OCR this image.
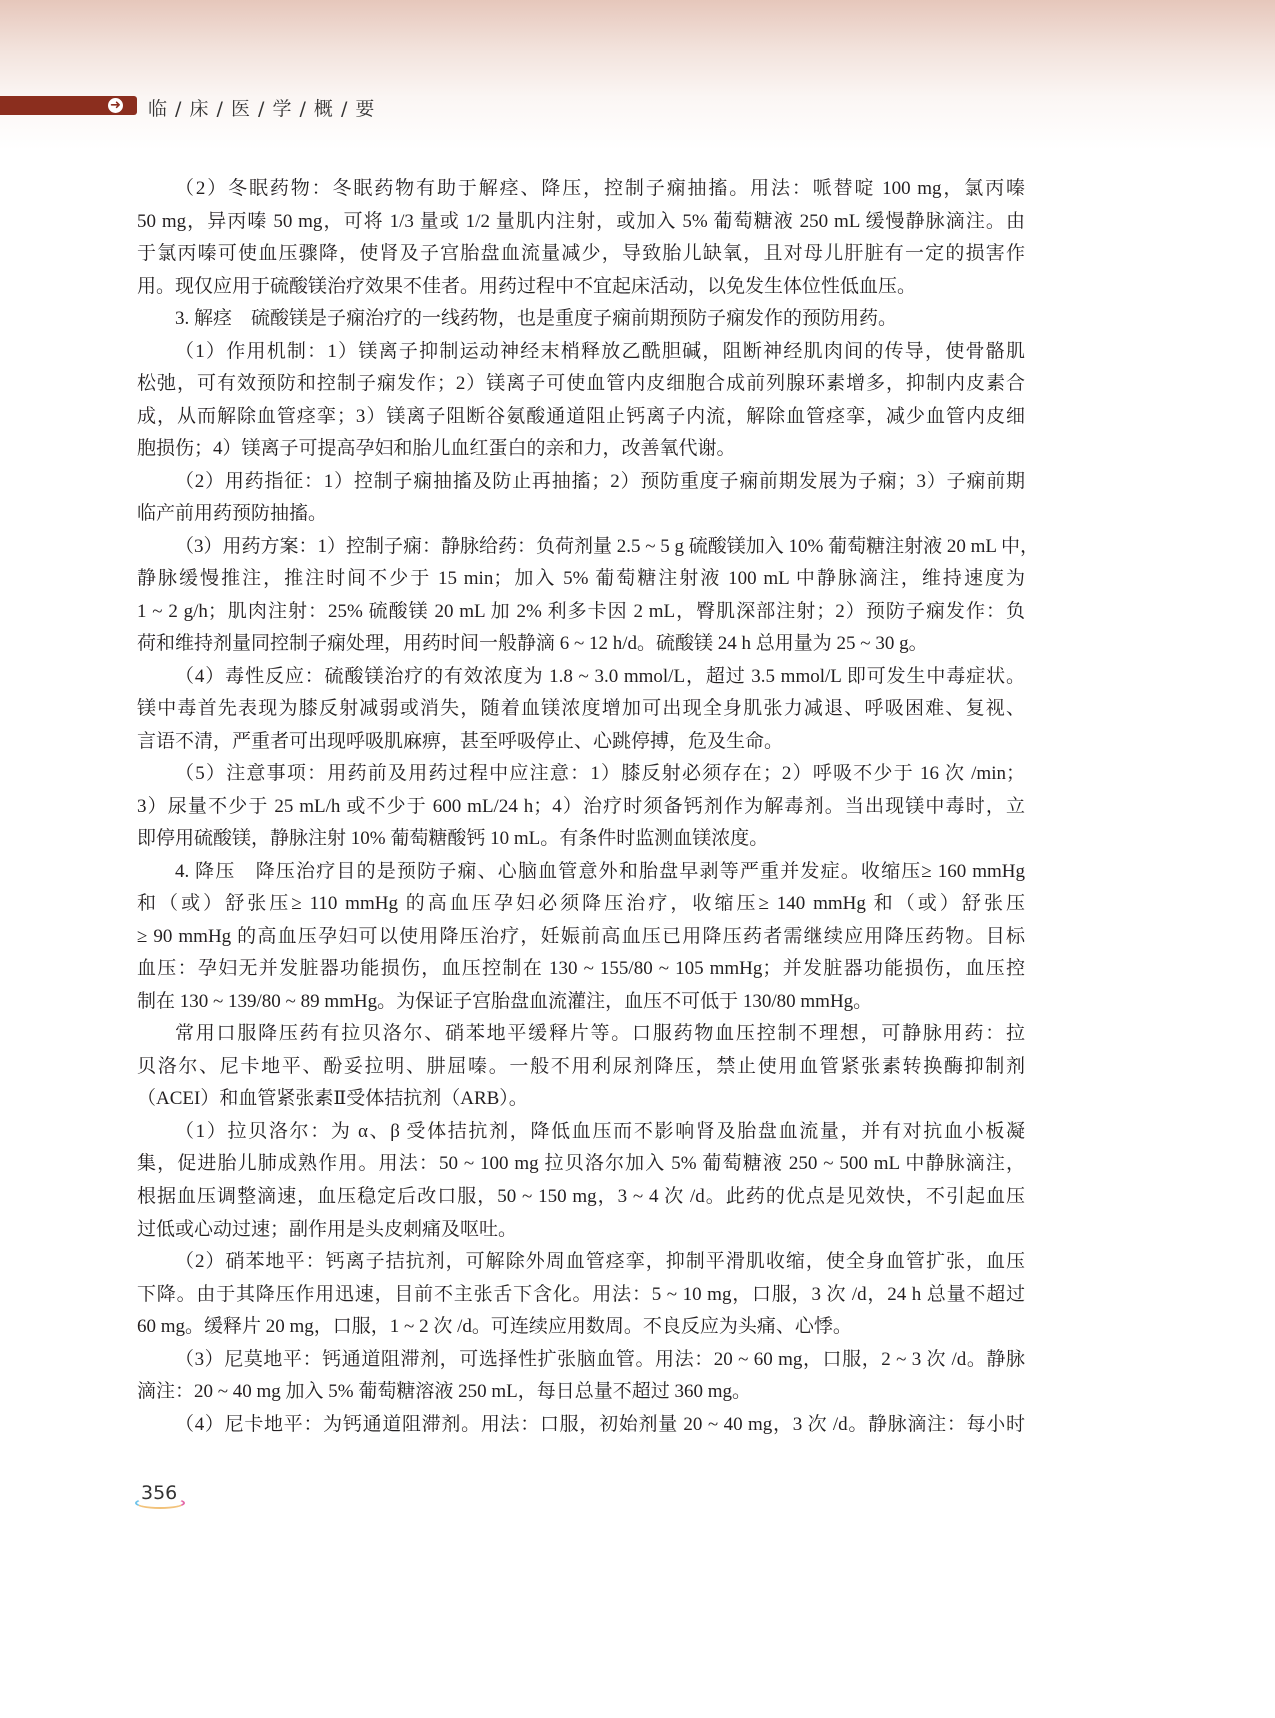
➜ 临 / 床 / 医 / 学 / 概 / 要
（2）冬眠药物：冬眠药物有助于解痉、降压，控制子痫抽搐。用法：哌替啶 100 mg，氯丙嗪
50 mg，异丙嗪 50 mg，可将 1/3 量或 1/2 量肌内注射，或加入 5% 葡萄糖液 250 mL 缓慢静脉滴注。由
于氯丙嗪可使血压骤降，使肾及子宫胎盘血流量减少，导致胎儿缺氧，且对母儿肝脏有一定的损害作
用。现仅应用于硫酸镁治疗效果不佳者。用药过程中不宜起床活动，以免发生体位性低血压。
3. 解痉　硫酸镁是子痫治疗的一线药物，也是重度子痫前期预防子痫发作的预防用药。
（1）作用机制：1）镁离子抑制运动神经末梢释放乙酰胆碱，阻断神经肌肉间的传导，使骨骼肌
松弛，可有效预防和控制子痫发作；2）镁离子可使血管内皮细胞合成前列腺环素增多，抑制内皮素合
成，从而解除血管痉挛；3）镁离子阻断谷氨酸通道阻止钙离子内流，解除血管痉挛，减少血管内皮细
胞损伤；4）镁离子可提高孕妇和胎儿血红蛋白的亲和力，改善氧代谢。
（2）用药指征：1）控制子痫抽搐及防止再抽搐；2）预防重度子痫前期发展为子痫；3）子痫前期
临产前用药预防抽搐。
（3）用药方案：1）控制子痫：静脉给药：负荷剂量 2.5 ~ 5 g 硫酸镁加入 10% 葡萄糖注射液 20 mL 中，
静脉缓慢推注，推注时间不少于 15 min；加入 5% 葡萄糖注射液 100 mL 中静脉滴注，维持速度为
1 ~ 2 g/h；肌肉注射：25% 硫酸镁 20 mL 加 2% 利多卡因 2 mL，臀肌深部注射；2）预防子痫发作：负
荷和维持剂量同控制子痫处理，用药时间一般静滴 6 ~ 12 h/d。硫酸镁 24 h 总用量为 25 ~ 30 g。
（4）毒性反应：硫酸镁治疗的有效浓度为 1.8 ~ 3.0 mmol/L，超过 3.5 mmol/L 即可发生中毒症状。
镁中毒首先表现为膝反射减弱或消失，随着血镁浓度增加可出现全身肌张力减退、呼吸困难、复视、
言语不清，严重者可出现呼吸肌麻痹，甚至呼吸停止、心跳停搏，危及生命。
（5）注意事项：用药前及用药过程中应注意：1）膝反射必须存在；2）呼吸不少于 16 次 /min；
3）尿量不少于 25 mL/h 或不少于 600 mL/24 h；4）治疗时须备钙剂作为解毒剂。当出现镁中毒时，立
即停用硫酸镁，静脉注射 10% 葡萄糖酸钙 10 mL。有条件时监测血镁浓度。
4. 降压　降压治疗目的是预防子痫、心脑血管意外和胎盘早剥等严重并发症。收缩压≥ 160 mmHg
和（或）舒张压≥ 110 mmHg 的高血压孕妇必须降压治疗，收缩压≥ 140 mmHg 和（或）舒张压
≥ 90 mmHg 的高血压孕妇可以使用降压治疗，妊娠前高血压已用降压药者需继续应用降压药物。目标
血压：孕妇无并发脏器功能损伤，血压控制在 130 ~ 155/80 ~ 105 mmHg；并发脏器功能损伤，血压控
制在 130 ~ 139/80 ~ 89 mmHg。为保证子宫胎盘血流灌注，血压不可低于 130/80 mmHg。
常用口服降压药有拉贝洛尔、硝苯地平缓释片等。口服药物血压控制不理想，可静脉用药：拉
贝洛尔、尼卡地平、酚妥拉明、肼屈嗪。一般不用利尿剂降压，禁止使用血管紧张素转换酶抑制剂
（ACEI）和血管紧张素Ⅱ受体拮抗剂（ARB）。
（1）拉贝洛尔：为 α、β 受体拮抗剂，降低血压而不影响肾及胎盘血流量，并有对抗血小板凝
集，促进胎儿肺成熟作用。用法：50 ~ 100 mg 拉贝洛尔加入 5% 葡萄糖液 250 ~ 500 mL 中静脉滴注，
根据血压调整滴速，血压稳定后改口服，50 ~ 150 mg，3 ~ 4 次 /d。此药的优点是见效快，不引起血压
过低或心动过速；副作用是头皮刺痛及呕吐。
（2）硝苯地平：钙离子拮抗剂，可解除外周血管痉挛，抑制平滑肌收缩，使全身血管扩张，血压
下降。由于其降压作用迅速，目前不主张舌下含化。用法：5 ~ 10 mg，口服，3 次 /d，24 h 总量不超过
60 mg。缓释片 20 mg，口服，1 ~ 2 次 /d。可连续应用数周。不良反应为头痛、心悸。
（3）尼莫地平：钙通道阻滞剂，可选择性扩张脑血管。用法：20 ~ 60 mg，口服，2 ~ 3 次 /d。静脉
滴注：20 ~ 40 mg 加入 5% 葡萄糖溶液 250 mL，每日总量不超过 360 mg。
（4）尼卡地平：为钙通道阻滞剂。用法：口服，初始剂量 20 ~ 40 mg，3 次 /d。静脉滴注：每小时
356
